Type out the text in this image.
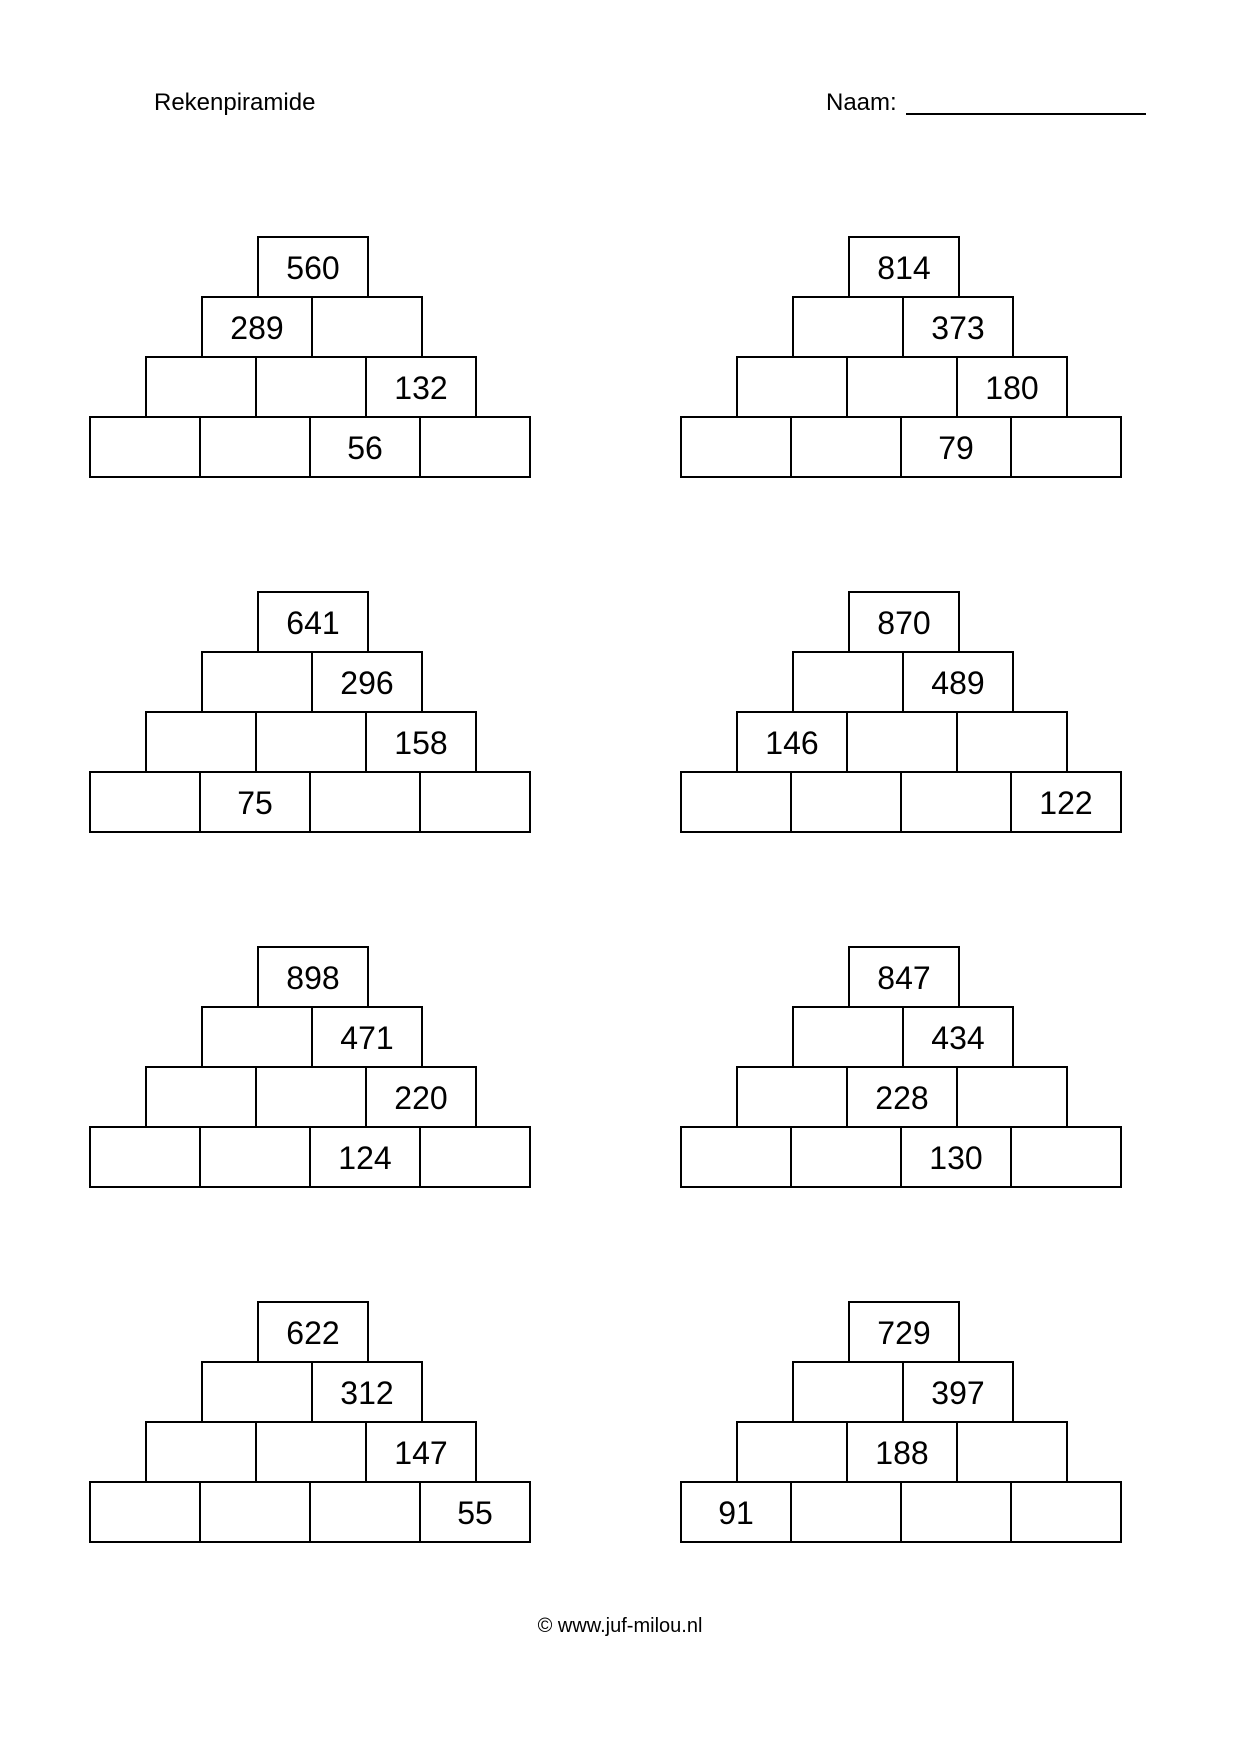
Rekenpiramide	Naam:
560
289
132
56
814
373
180
79
641
296
158
75
870
489
146
122
898
471
220
124
847
434
228
130
622
312
147
55
729
397
188
91
© www.juf-milou.nl
